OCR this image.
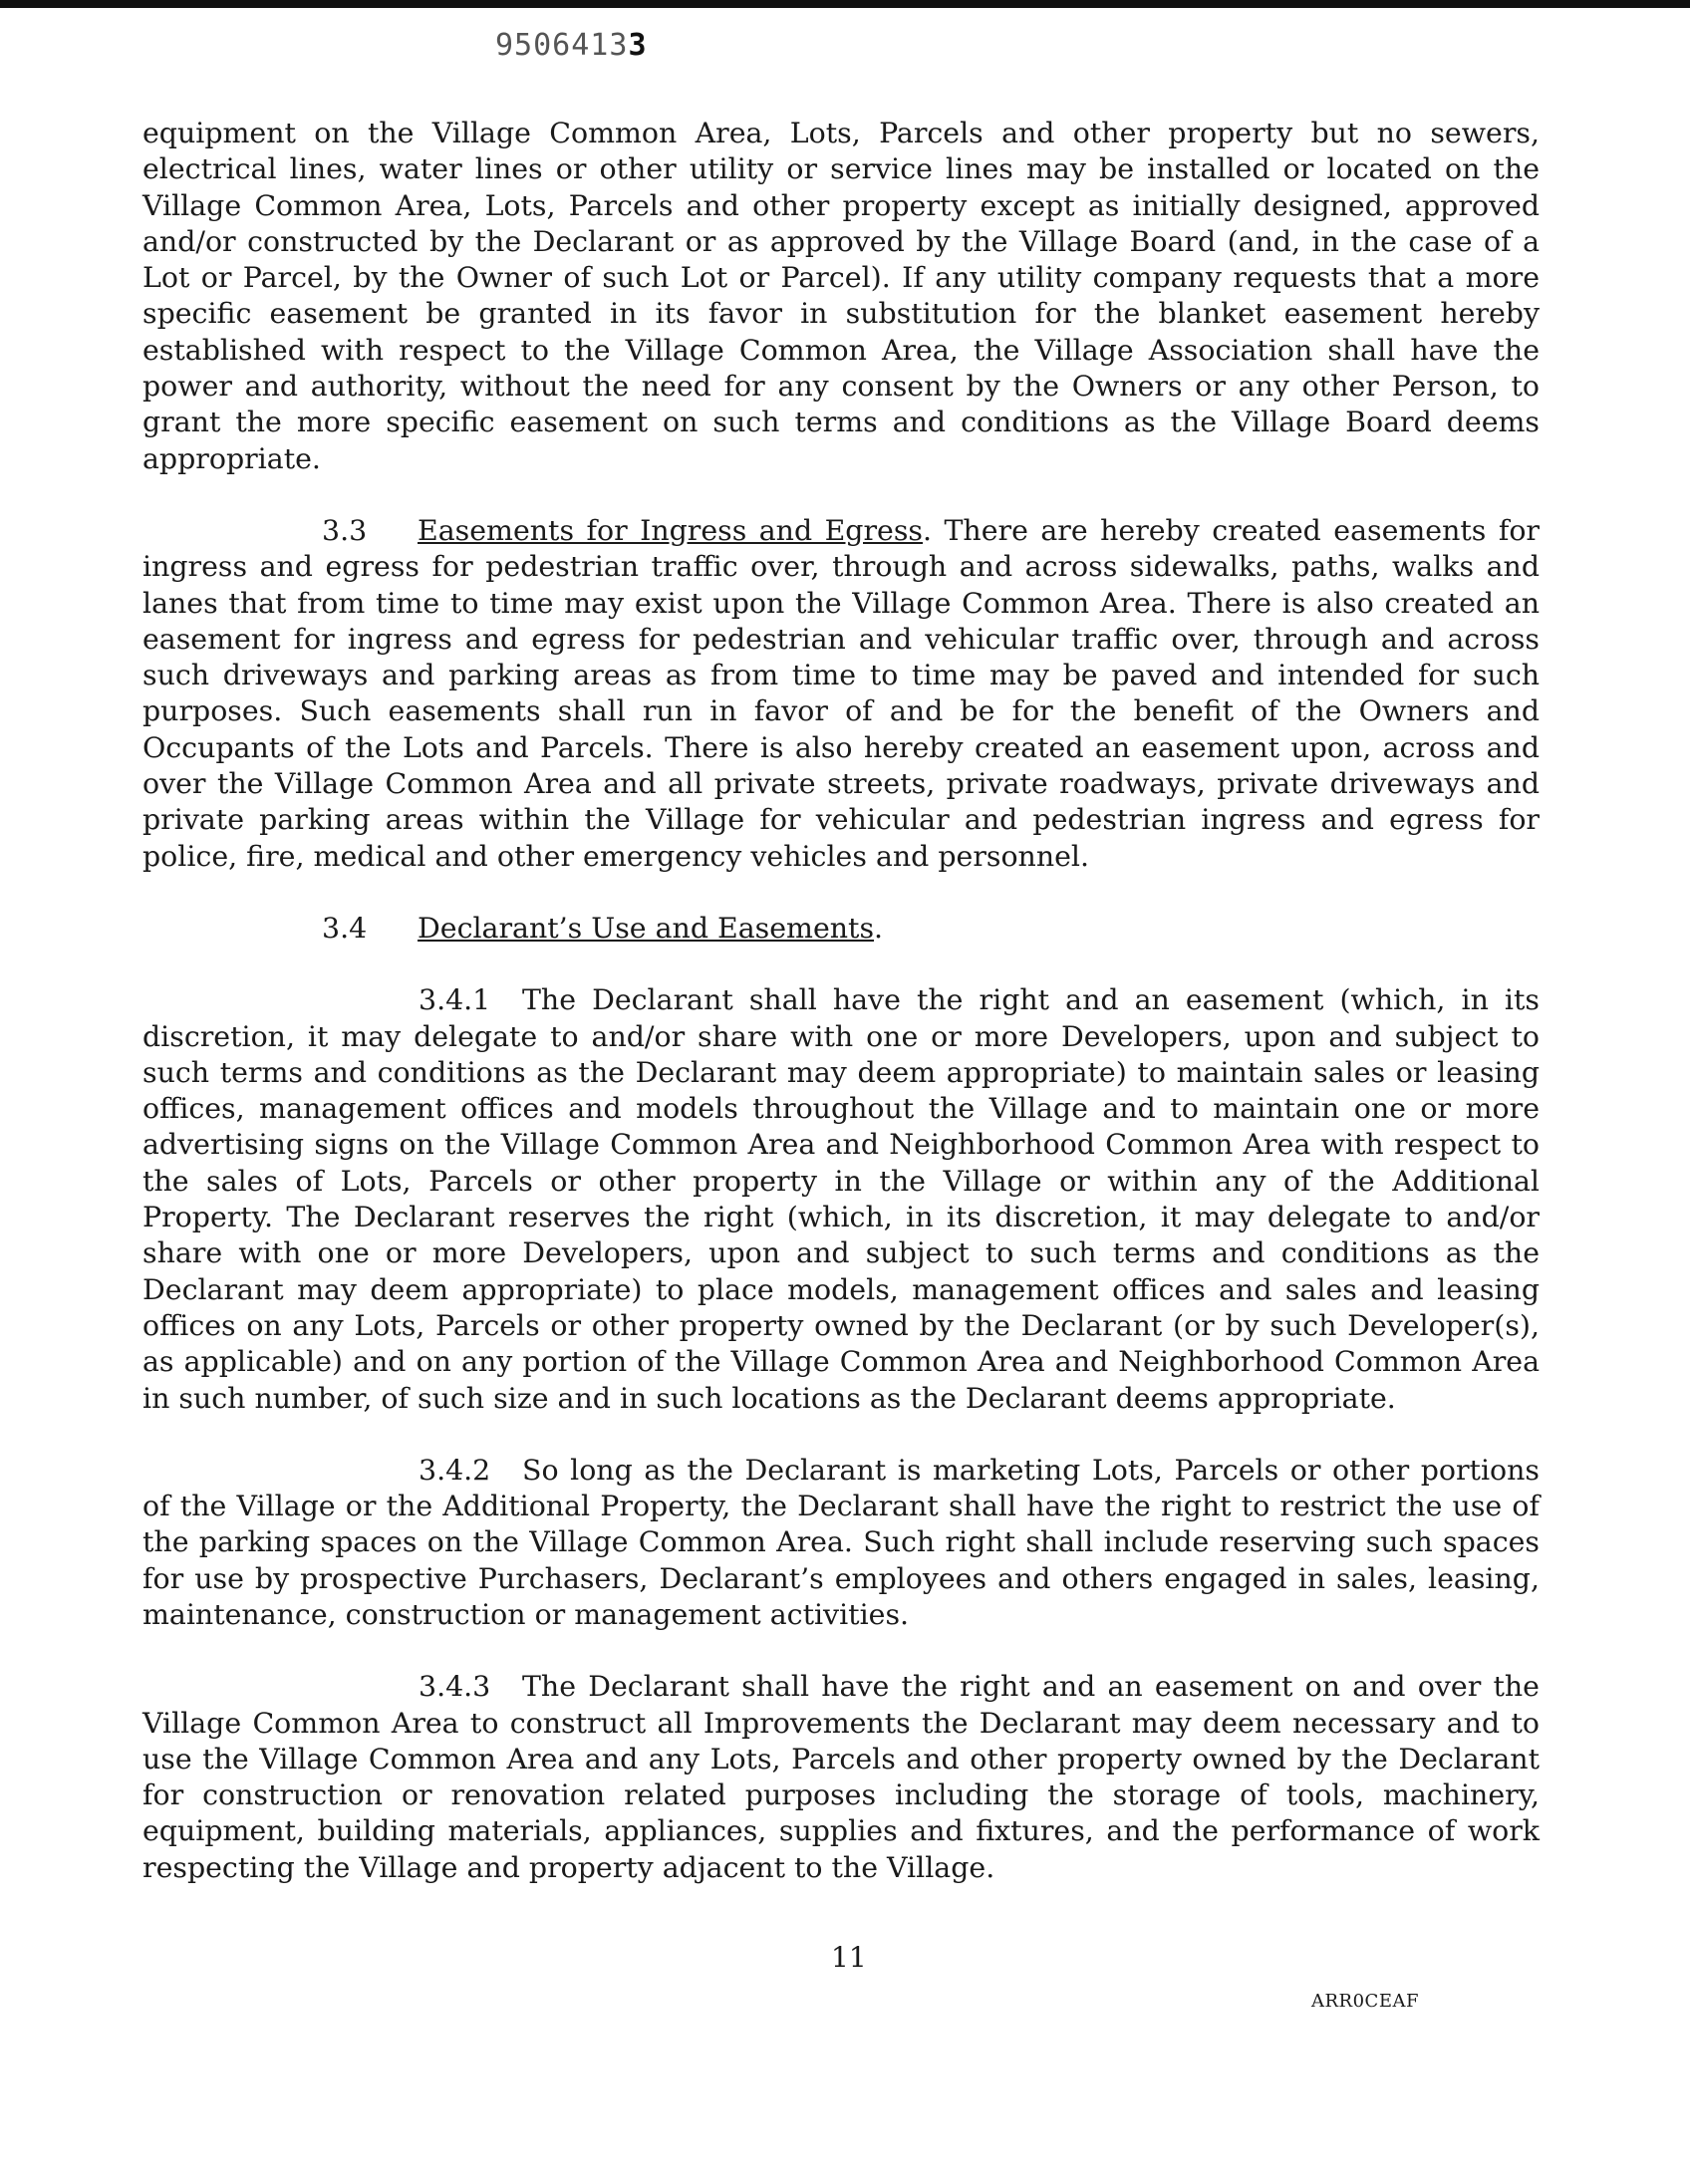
95064133

equipment on the Village Common Area, Lots, Parcels and other property but no sewers, electrical lines, water lines or other utility or service lines may be installed or located on the Village Common Area, Lots, Parcels and other property except as initially designed, approved and/or constructed by the Declarant or as approved by the Village Board (and, in the case of a Lot or Parcel, by the Owner of such Lot or Parcel). If any utility company requests that a more specific easement be granted in its favor in substitution for the blanket easement hereby established with respect to the Village Common Area, the Village Association shall have the power and authority, without the need for any consent by the Owners or any other Person, to grant the more specific easement on such terms and conditions as the Village Board deems appropriate.

3.3 Easements for Ingress and Egress. There are hereby created easements for ingress and egress for pedestrian traffic over, through and across sidewalks, paths, walks and lanes that from time to time may exist upon the Village Common Area. There is also created an easement for ingress and egress for pedestrian and vehicular traffic over, through and across such driveways and parking areas as from time to time may be paved and intended for such purposes. Such easements shall run in favor of and be for the benefit of the Owners and Occupants of the Lots and Parcels. There is also hereby created an easement upon, across and over the Village Common Area and all private streets, private roadways, private driveways and private parking areas within the Village for vehicular and pedestrian ingress and egress for police, fire, medical and other emergency vehicles and personnel.

3.4 Declarant’s Use and Easements.

3.4.1 The Declarant shall have the right and an easement (which, in its discretion, it may delegate to and/or share with one or more Developers, upon and subject to such terms and conditions as the Declarant may deem appropriate) to maintain sales or leasing offices, management offices and models throughout the Village and to maintain one or more advertising signs on the Village Common Area and Neighborhood Common Area with respect to the sales of Lots, Parcels or other property in the Village or within any of the Additional Property. The Declarant reserves the right (which, in its discretion, it may delegate to and/or share with one or more Developers, upon and subject to such terms and conditions as the Declarant may deem appropriate) to place models, management offices and sales and leasing offices on any Lots, Parcels or other property owned by the Declarant (or by such Developer(s), as applicable) and on any portion of the Village Common Area and Neighborhood Common Area in such number, of such size and in such locations as the Declarant deems appropriate.

3.4.2 So long as the Declarant is marketing Lots, Parcels or other portions of the Village or the Additional Property, the Declarant shall have the right to restrict the use of the parking spaces on the Village Common Area. Such right shall include reserving such spaces for use by prospective Purchasers, Declarant’s employees and others engaged in sales, leasing, maintenance, construction or management activities.

3.4.3 The Declarant shall have the right and an easement on and over the Village Common Area to construct all Improvements the Declarant may deem necessary and to use the Village Common Area and any Lots, Parcels and other property owned by the Declarant for construction or renovation related purposes including the storage of tools, machinery, equipment, building materials, appliances, supplies and fixtures, and the performance of work respecting the Village and property adjacent to the Village.

11
ARR0CEAF
